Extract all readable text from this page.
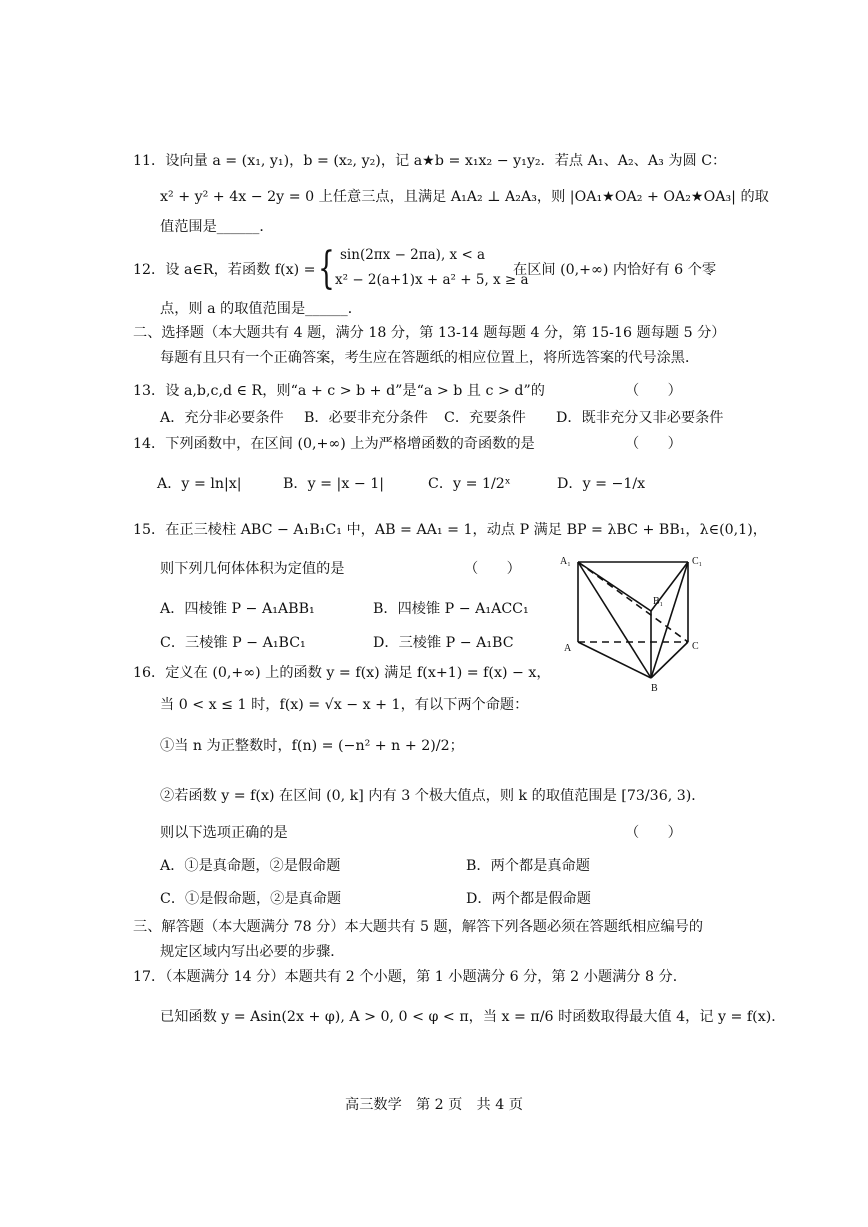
11．设向量 a = (x₁, y₁)，b = (x₂, y₂)，记 a★b = x₁x₂ − y₁y₂．若点 A₁、A₂、A₃ 为圆 C：
x² + y² + 4x − 2y = 0 上任意三点，且满足 A₁A₂ ⊥ A₂A₃，则 |OA₁★OA₂ + OA₂★OA₃| 的取
值范围是______．
12．设 a∈R，若函数 f(x) = { sin(2πx − 2πa), x < a
x² − 2(a+1)x + a² + 5, x ≥ a
在区间 (0,+∞) 内恰好有 6 个零
点，则 a 的取值范围是______．
二、选择题（本大题共有 4 题，满分 18 分，第 13-14 题每题 4 分，第 15-16 题每题 5 分）
每题有且只有一个正确答案，考生应在答题纸的相应位置上，将所选答案的代号涂黑．
13．设 a,b,c,d ∈ R，则“a + c > b + d”是“a > b 且 c > d”的	（　　）
A．充分非必要条件 B．必要非充分条件 C．充要条件 D．既非充分又非必要条件
14．下列函数中，在区间 (0,+∞) 上为严格增函数的奇函数的是	（　　）
A．y = ln|x|	B．y = |x − 1|	C．y = 1/2ˣ	D．y = −1/x
15．在正三棱柱 ABC − A₁B₁C₁ 中，AB = AA₁ = 1，动点 P 满足 BP = λBC + BB₁，λ∈(0,1)，
则下列几何体体积为定值的是	（　　）
A．四棱锥 P − A₁ABB₁	B．四棱锥 P − A₁ACC₁
C．三棱锥 P − A₁BC₁	D．三棱锥 P − A₁BC
A₁	C₁
B₁
A	C
B
16．定义在 (0,+∞) 上的函数 y = f(x) 满足 f(x+1) = f(x) − x，
当 0 < x ≤ 1 时，f(x) = √x − x + 1，有以下两个命题：
①当 n 为正整数时，f(n) = (−n² + n + 2)/2；
②若函数 y = f(x) 在区间 (0, k] 内有 3 个极大值点，则 k 的取值范围是 [73/36, 3)．
则以下选项正确的是	（　　）
A．①是真命题，②是假命题	B．两个都是真命题
C．①是假命题，②是真命题	D．两个都是假命题
三、解答题（本大题满分 78 分）本大题共有 5 题，解答下列各题必须在答题纸相应编号的
规定区域内写出必要的步骤．
17．（本题满分 14 分）本题共有 2 个小题，第 1 小题满分 6 分，第 2 小题满分 8 分．
已知函数 y = Asin(2x + φ), A > 0, 0 < φ < π，当 x = π/6 时函数取得最大值 4，记 y = f(x)．
高三数学　第 2 页　共 4 页
